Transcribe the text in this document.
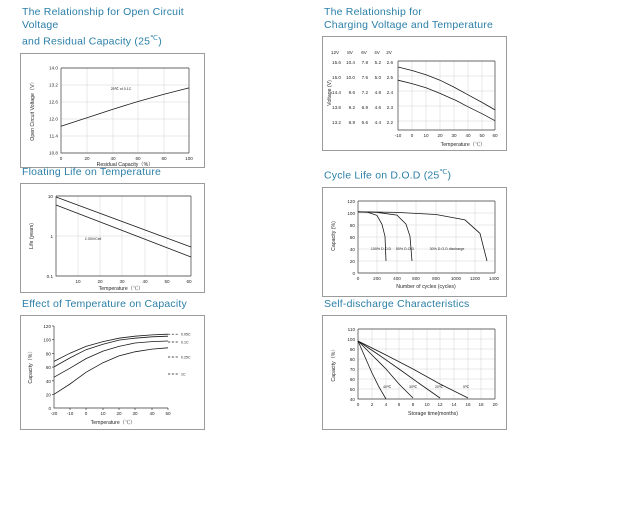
The Relationship for Open Circuit Voltage
and Residual Capacity (25℃)
14.0
13.2
12.6
12.0
11.4
10.8
0	20	40	60	80	100
Residual Capacity（%）
Open Circuit Voltage（V）	25℃ of 0.1C
The Relationship for
Charging Voltage and Temperature
12V 8V 6V 4V 2V
15.6
15.0
14.4
13.8
13.2
10.4
10.0
9.6
9.2
8.8
7.8
7.5
7.2
6.9
6.6
5.2
5.0
4.8
4.6
4.4
2.6
2.5
2.4
2.3
2.2
Voltage (V)
-10 0 10 20 30 40 50 60
Temperature（℃）
Floating Life on Temperature
10
1
0.1
10	20	30	40	50	60
Temperature（℃）
Life (years)	2.30V/Cell
Cycle Life on D.O.D (25℃)
120
100
80
60
40
20
0
0	200	400 600	800 1000 1200 1400
Number of cycles (cycles)
Capacity (%)	100% D.O.D 50% D.O.D	30% D.O.D discharge
Effect of Temperature on Capacity
120
100
80
60
40
20
0
-20 -10 0	10 20 30	40 50
Temperature（℃）
Capacity（%）
0.05C
0.1C
0.25C
1C
Self-discharge Characteristics
110
100
90
80
70
60
50
40
0 2 4 6 8 10 12 14 16 18 20
Storage time(months)
Capacity（%）
40℃	30℃	20℃	5℃
